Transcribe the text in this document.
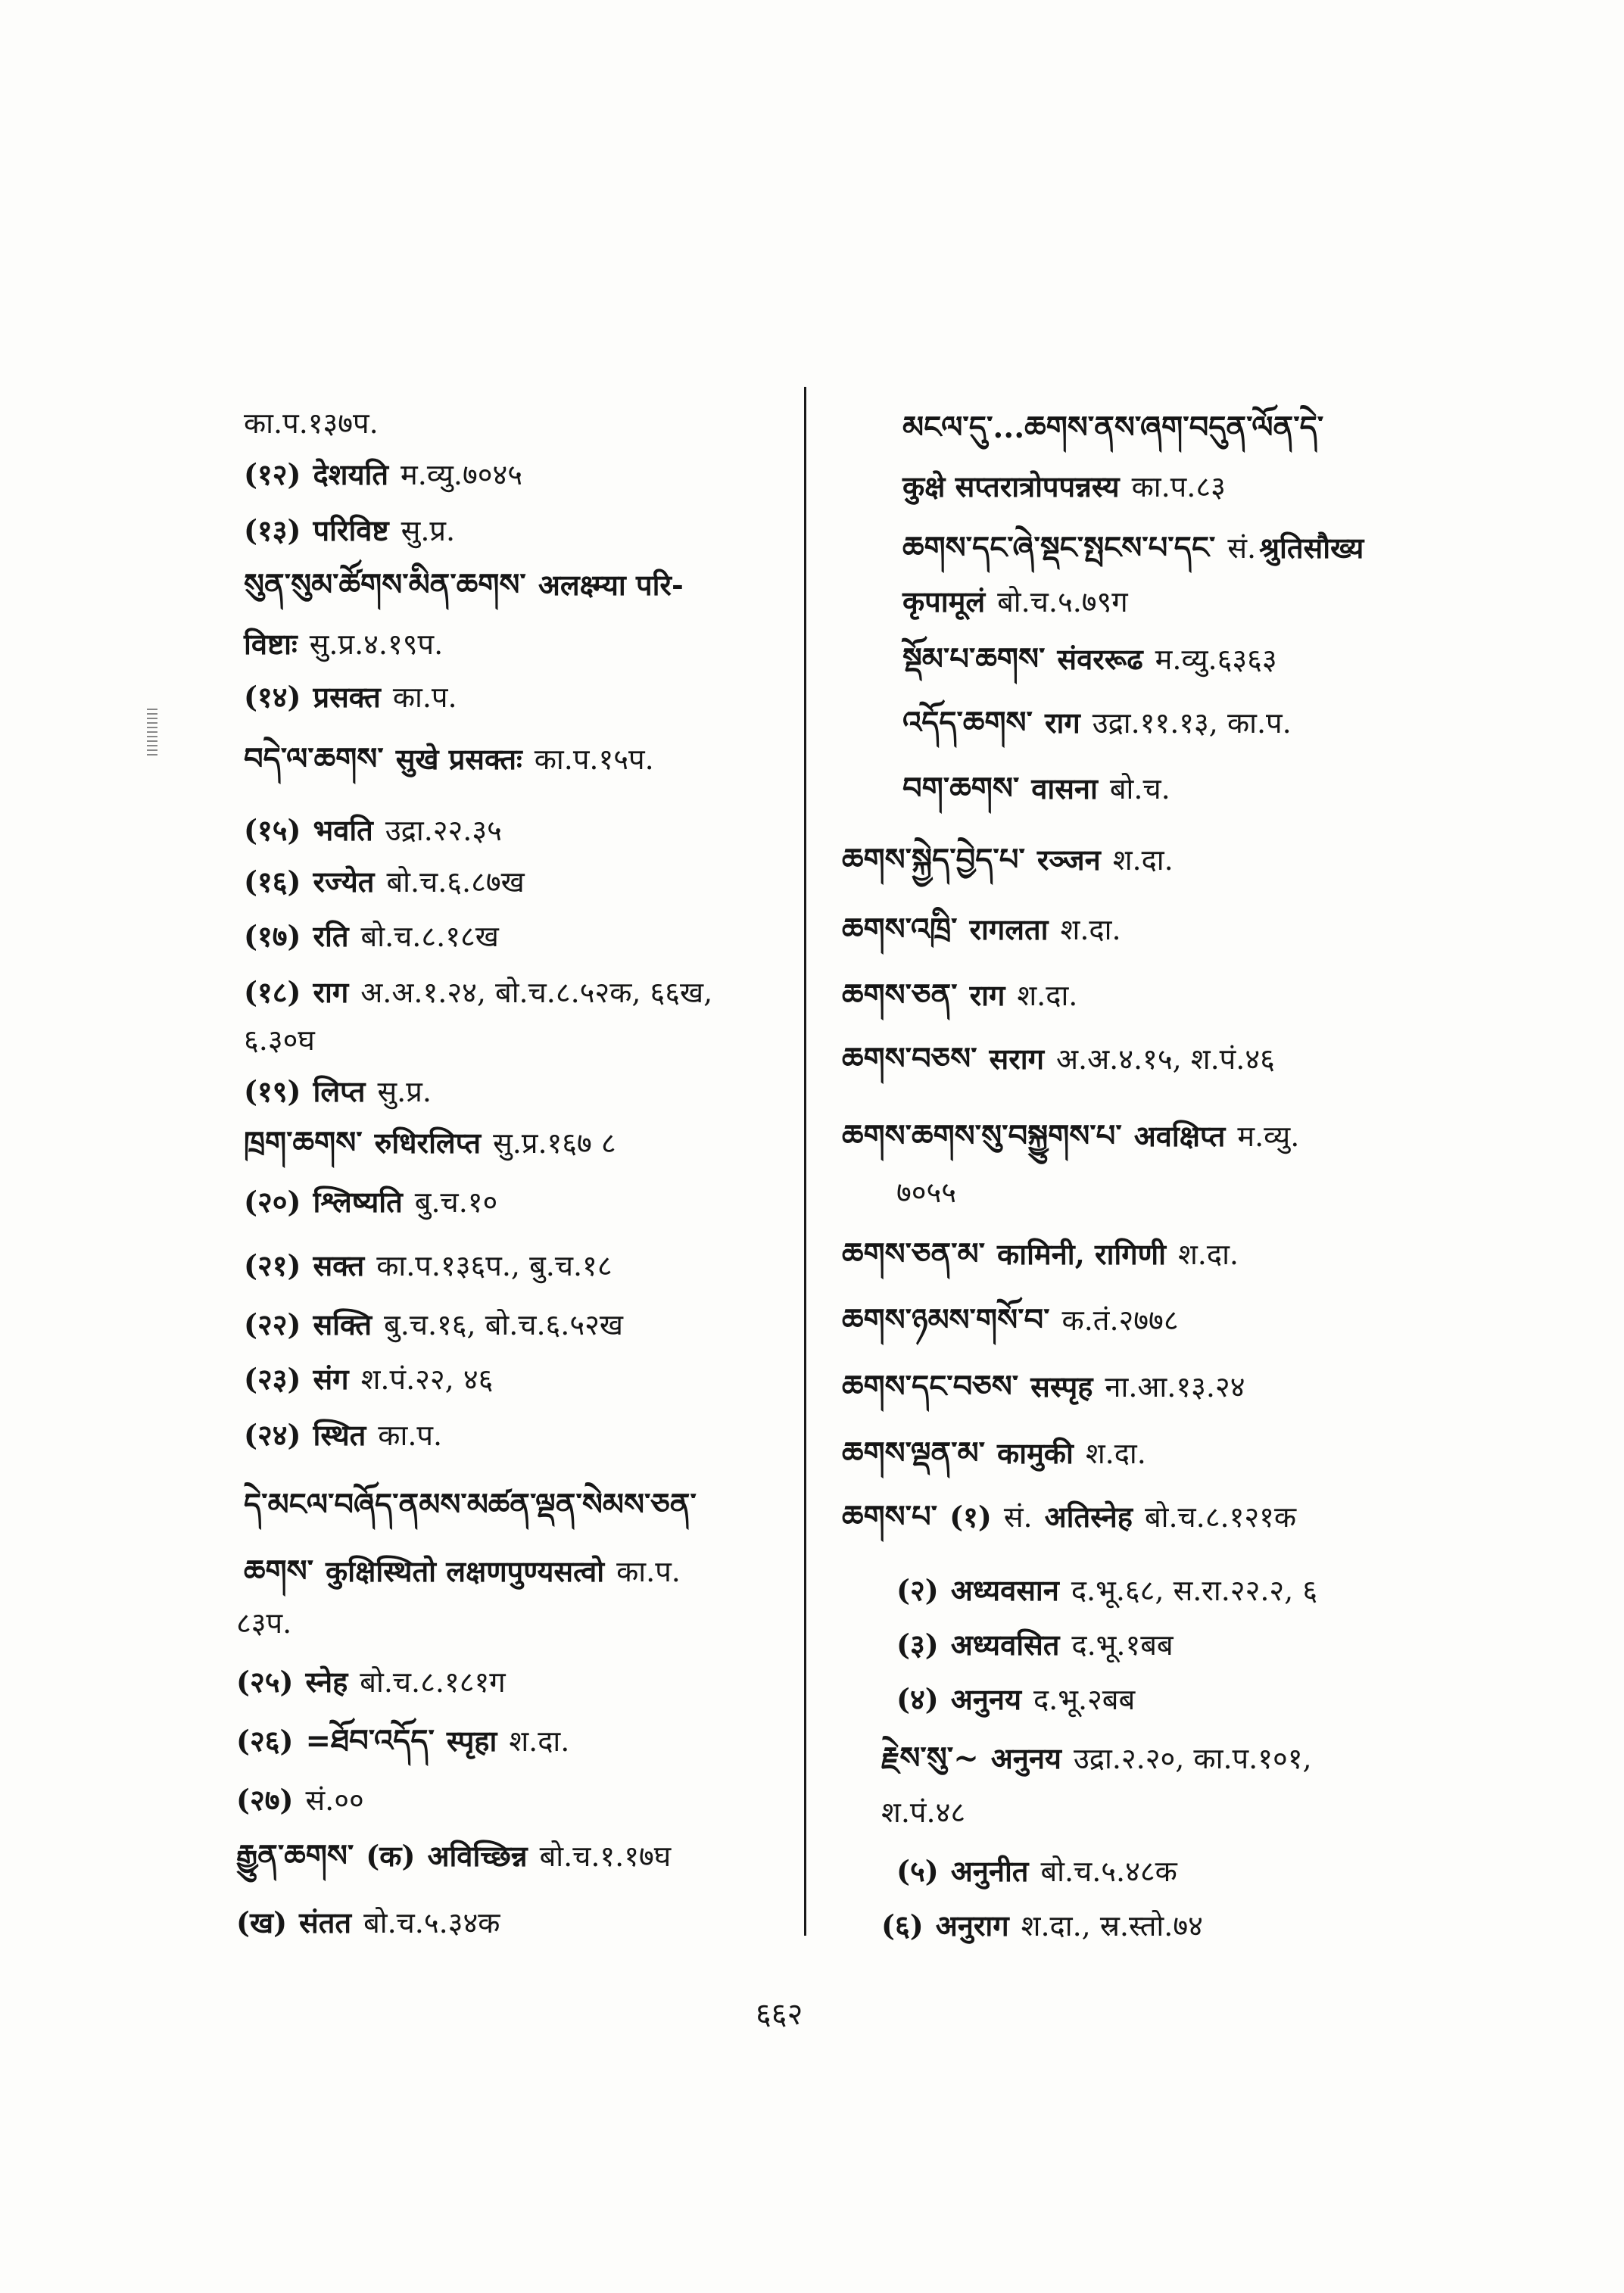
का.प.१३७प.
(१२) देशयति म.व्यु.७०४५
(१३) परिविष्ट सु.प्र.
སུན་སུམ་ཚོགས་མིན་ཆགས་ अलक्ष्म्या परि-
विष्टाः सु.प्र.४.१९प.
(१४) प्रसक्त का.प.
བདེ་ལ་ཆགས་ सुखे प्रसक्तः का.प.१५प.
(१५) भवति उद्रा.२२.३५
(१६) रज्येत बो.च.६.८७ख
(१७) रति बो.च.८.१८ख
(१८) राग अ.अ.१.२४, बो.च.८.५२क, ६६ख,
६.३०घ
(१९) लिप्त सु.प्र.
ཁྲག་ཆགས་ रुधिरलिप्त सु.प्र.१६७ ८
(२०) श्लिष्यति बु.च.१०
(२१) सक्त का.प.१३६प., बु.च.१८
(२२) सक्ति बु.च.१६, बो.च.६.५२ख
(२३) संग श.पं.२२, ४६
(२४) स्थित का.प.
དེ་མངལ་བཞོད་ནམས་མཚན་ལྡན་སེམས་ཅན་
ཆགས་ कुक्षिस्थितो लक्षणपुण्यसत्वो का.प.
८३प.
(२५) स्नेह बो.च.८.१८१ग
(२६) =ཐོབ་འདོད་ स्पृहा श.दा.
(२७) सं.००
རྒྱུན་ཆགས་ (क) अविच्छिन्न बो.च.१.१७घ
(ख) संतत बो.च.५.३४क
མངལ་དུ་...ཆགས་ནས་ཞག་བདུན་ལོན་དེ་
कुक्षे सप्तरात्रोपपन्नस्य का.प.८३
ཆགས་དང་ཞེ་སྡང་སྤངས་པ་དང་ सं. श्रुतिसौख्य
कृपामूलं बो.च.५.७९ग
སྡོམ་པ་ཆགས་ संवररूढ म.व्यु.६३६३
འདོད་ཆགས་ राग उद्रा.११.१३, का.प.
བག་ཆགས་ वासना बो.च.
ཆགས་སྐྱེད་བྱེད་པ་ रञ्जन श.दा.
ཆགས་འཁྲི་ रागलता श.दा.
ཆགས་ཅན་ राग श.दा.
ཆགས་བཅས་ सराग अ.अ.४.१५, श.पं.४६
ཆགས་ཆགས་སུ་བསྐྱུགས་པ་ अवक्षिप्त म.व्यु.
७०५५
ཆགས་ཅན་མ་ कामिनी, रागिणी श.दा.
ཆགས་ཉམས་གསོ་བ་ क.तं.२७७८
ཆགས་དང་བཅས་ सस्पृह ना.आ.१३.२४
ཆགས་ལྡན་མ་ कामुकी श.दा.
ཆགས་པ་ (१) सं. अतिस्नेह बो.च.८.१२१क
(२) अध्यवसान द.भू.६८, स.रा.२२.२, ६
(३) अध्यवसित द.भू.१बब
(४) अनुनय द.भू.२बब
རྗེས་སུ་~ अनुनय उद्रा.२.२०, का.प.१०१,
श.पं.४८
(५) अनुनीत बो.च.५.४८क
(६) अनुराग श.दा., स्र.स्तो.७४
६६२
